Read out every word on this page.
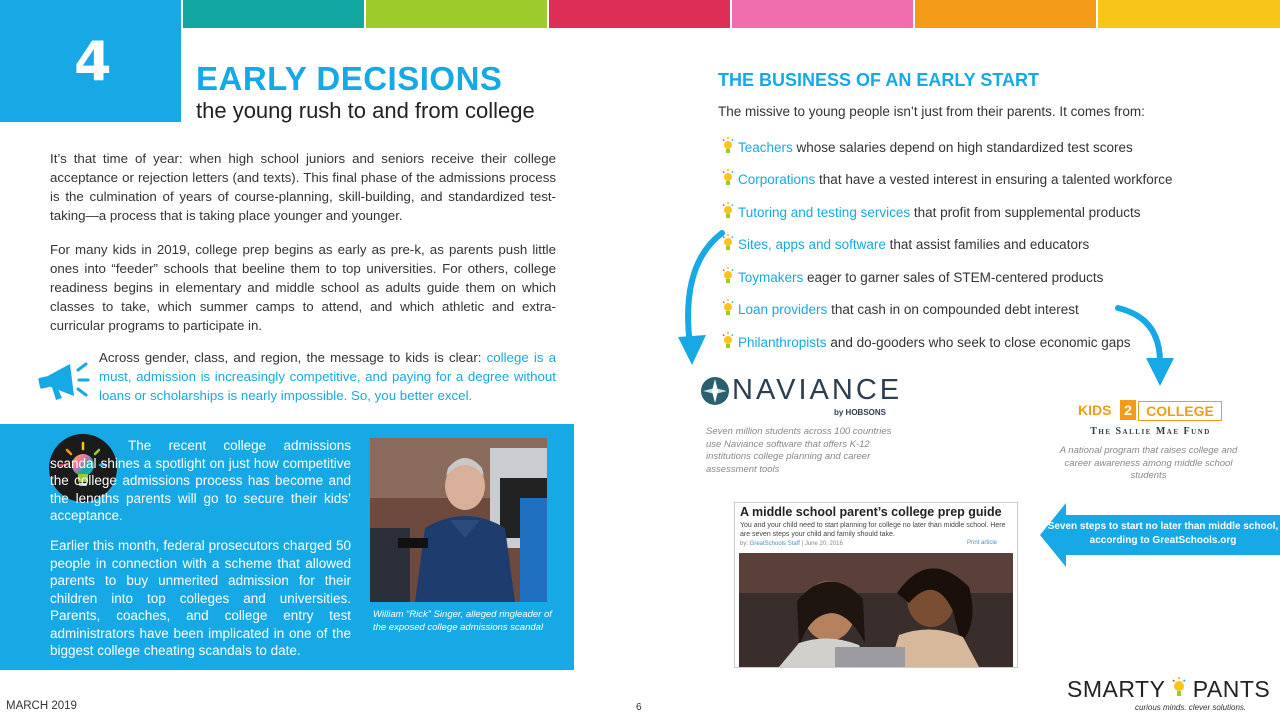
4	EARLY DECISIONS
the young rush to and from college

It’s that time of year: when high school juniors and seniors receive their college acceptance or rejection letters (and texts). This final phase of the admissions process is the culmination of years of course-planning, skill-building, and standardized test-taking—a process that is taking place younger and younger.

For many kids in 2019, college prep begins as early as pre-k, as parents push little ones into “feeder” schools that beeline them to top universities. For others, college readiness begins in elementary and middle school as adults guide them on which classes to take, which summer camps to attend, and which athletic and extra-curricular programs to participate in.

Across gender, class, and region, the message to kids is clear: college is a must, admission is increasingly competitive, and paying for a degree without loans or scholarships is nearly impossible. So, you better excel.

The recent college admissions scandal shines a spotlight on just how competitive the college admissions process has become and the lengths parents will go to secure their kids’ acceptance.

Earlier this month, federal prosecutors charged 50 people in connection with a scheme that allowed parents to buy unmerited admission for their children into top colleges and universities. Parents, coaches, and college entry test administrators have been implicated in one of the biggest college cheating scandals to date.

William “Rick” Singer, alleged ringleader of the exposed college admissions scandal

THE BUSINESS OF AN EARLY START
The missive to young people isn’t just from their parents. It comes from:
Teachers whose salaries depend on high standardized test scores
Corporations that have a vested interest in ensuring a talented workforce
Tutoring and testing services that profit from supplemental products
Sites, apps and software that assist families and educators
Toymakers eager to garner sales of STEM-centered products
Loan providers that cash in on compounded debt interest
Philanthropists and do-gooders who seek to close economic gaps
NAVIANCE
by HOBSONS

Seven million students across 100 countries use Naviance software that offers K-12 institutions college planning and career assessment tools

KIDS 2	COLLEGE
The Sallie Mae Fund

A national program that raises college and career awareness among middle school students

A middle school parent’s college prep guide
You and your child need to start planning for college no later than middle school. Here are seven steps your child and family should take.
by: GreatSchools Staff | June 20, 2016	Print article
Seven steps to start no later than middle school, according to GreatSchools.org
MARCH 2019	6
SMARTY PANTS
curious minds. clever solutions.
